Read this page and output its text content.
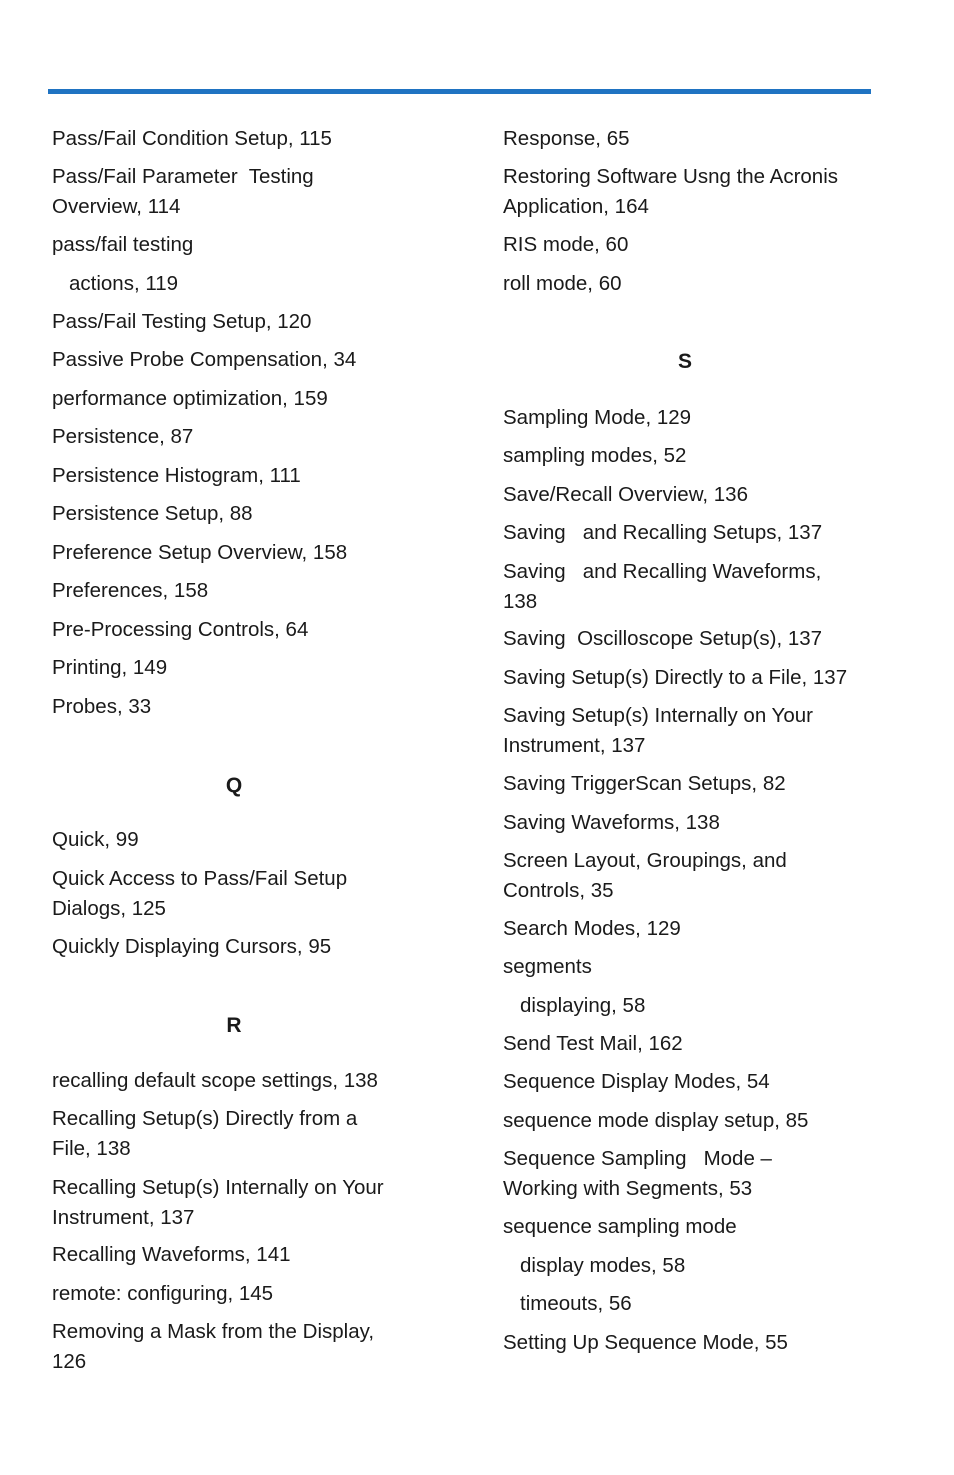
Pass/Fail Condition Setup, 115
Pass/Fail Parameter  Testing
Overview, 114
pass/fail testing
actions, 119
Pass/Fail Testing Setup, 120
Passive Probe Compensation, 34
performance optimization, 159
Persistence, 87
Persistence Histogram, 111
Persistence Setup, 88
Preference Setup Overview, 158
Preferences, 158
Pre-Processing Controls, 64
Printing, 149
Probes, 33
Q
Quick, 99
Quick Access to Pass/Fail Setup
Dialogs, 125
Quickly Displaying Cursors, 95
R
recalling default scope settings, 138
Recalling Setup(s) Directly from a
File, 138
Recalling Setup(s) Internally on Your
Instrument, 137
Recalling Waveforms, 141
remote: configuring, 145
Removing a Mask from the Display,
126
Response, 65
Restoring Software Usng the Acronis
Application, 164
RIS mode, 60
roll mode, 60
S
Sampling Mode, 129
sampling modes, 52
Save/Recall Overview, 136
Saving   and Recalling Setups, 137
Saving   and Recalling Waveforms,
138
Saving  Oscilloscope Setup(s), 137
Saving Setup(s) Directly to a File, 137
Saving Setup(s) Internally on Your
Instrument, 137
Saving TriggerScan Setups, 82
Saving Waveforms, 138
Screen Layout, Groupings, and
Controls, 35
Search Modes, 129
segments
displaying, 58
Send Test Mail, 162
Sequence Display Modes, 54
sequence mode display setup, 85
Sequence Sampling   Mode –
Working with Segments, 53
sequence sampling mode
display modes, 58
timeouts, 56
Setting Up Sequence Mode, 55
